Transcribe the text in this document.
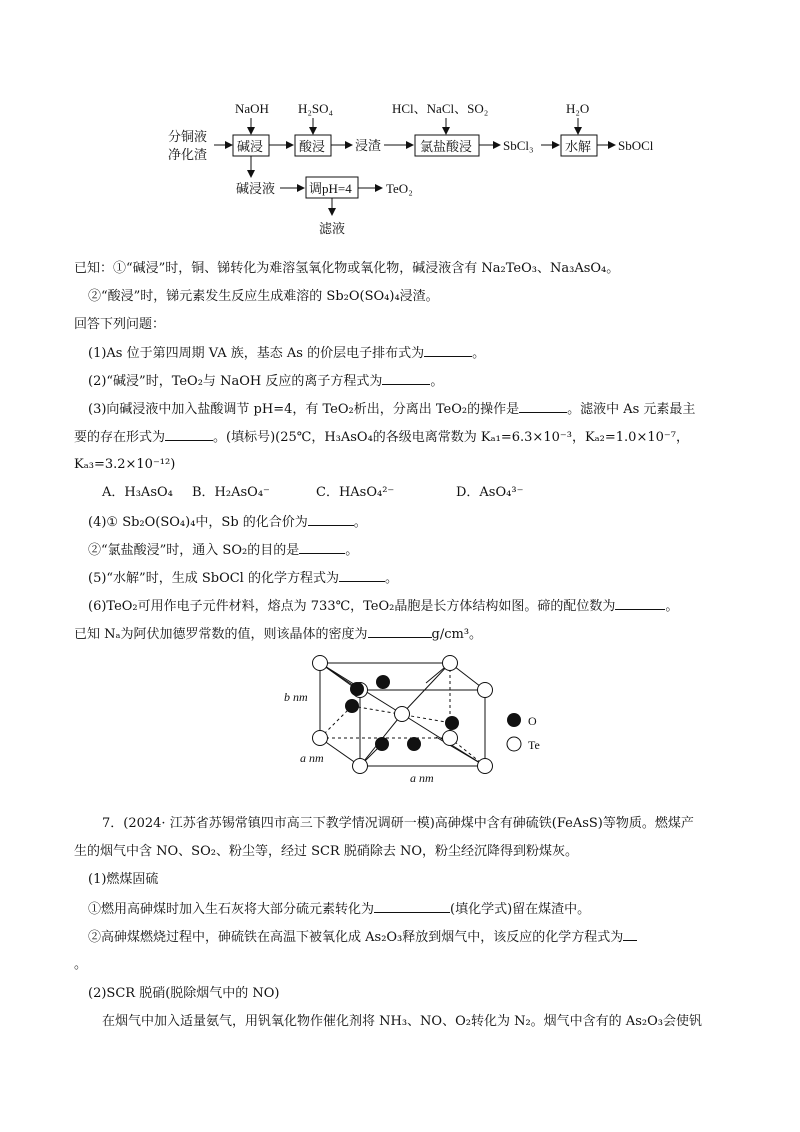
分铜液
净化渣
NaOH
碱浸
H₂SO₄
酸浸 浸渣
HCl、NaCl、SO₂
氯盐酸浸 SbCl₃
H₂O
水解 SbOCl
碱浸液	调pH=4	TeO₂
滤液
已知：①“碱浸”时，铜、锑转化为难溶氢氧化物或氧化物，碱浸液含有 Na₂TeO₃、Na₃AsO₄。
②“酸浸”时，锑元素发生反应生成难溶的 Sb₂O(SO₄)₄浸渣。
回答下列问题：
(1)As 位于第四周期 VA 族，基态 As 的价层电子排布式为	。
(2)“碱浸”时，TeO₂与 NaOH 反应的离子方程式为	。
(3)向碱浸液中加入盐酸调节 pH=4，有 TeO₂析出，分离出 TeO₂的操作是	。滤液中 As 元素最主
要的存在形式为	。(填标号)(25℃，H₃AsO₄的各级电离常数为 Kₐ₁=6.3×10⁻³，Kₐ₂=1.0×10⁻⁷，
Kₐ₃=3.2×10⁻¹²)
A．H₃AsO₄ B．H₂AsO₄⁻	C．HAsO₄²⁻	D．AsO₄³⁻
(4)① Sb₂O(SO₄)₄中，Sb 的化合价为	。
②“氯盐酸浸”时，通入 SO₂的目的是	。
(5)“水解”时，生成 SbOCl 的化学方程式为	。
(6)TeO₂可用作电子元件材料，熔点为 733℃，TeO₂晶胞是长方体结构如图。碲的配位数为	。
已知 Nₐ为阿伏加德罗常数的值，则该晶体的密度为	g/cm³。
b nm
a nm
a nm
O
Te
7．(2024· 江苏省苏锡常镇四市高三下教学情况调研一模)高砷煤中含有砷硫铁(FeAsS)等物质。燃煤产
生的烟气中含 NO、SO₂、粉尘等，经过 SCR 脱硝除去 NO，粉尘经沉降得到粉煤灰。
(1)燃煤固硫
①燃用高砷煤时加入生石灰将大部分硫元素转化为	(填化学式)留在煤渣中。
②高砷煤燃烧过程中，砷硫铁在高温下被氧化成 As₂O₃释放到烟气中，该反应的化学方程式为
。
(2)SCR 脱硝(脱除烟气中的 NO)
在烟气中加入适量氨气，用钒氧化物作催化剂将 NH₃、NO、O₂转化为 N₂。烟气中含有的 As₂O₃会使钒
